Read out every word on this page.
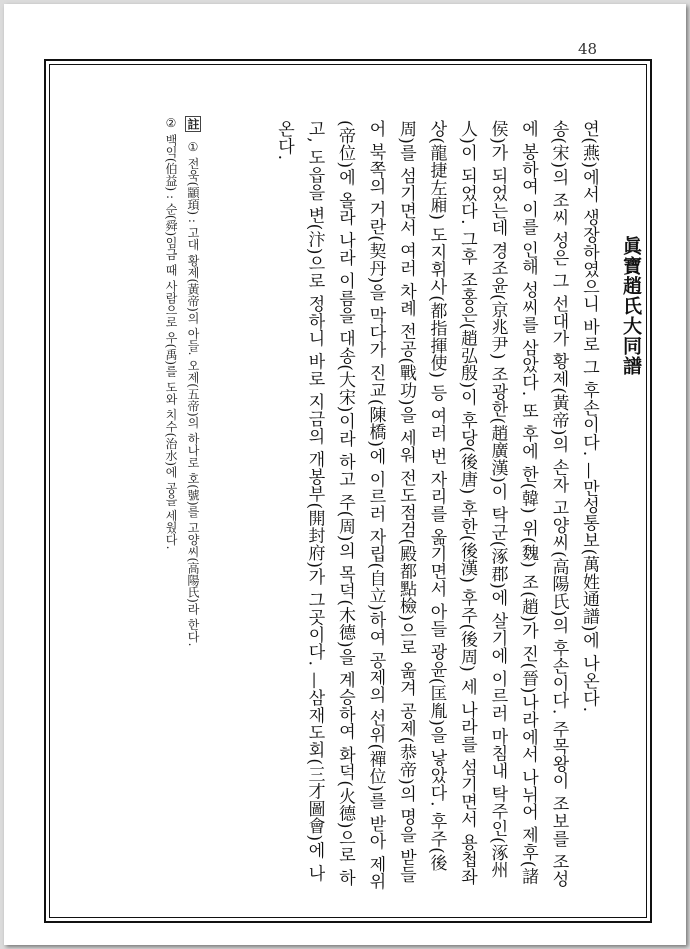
48
眞寶趙氏大同譜

연(燕)에서 생장하였으니 바로 그 후손이다. —만성통보(萬姓通譜)에 나온다.

송(宋)의 조씨 성은 그 선대가 황제(黃帝)의 손자 고양씨(高陽氏)의 후손이다. 주목왕이 조보를 조성에 봉하여 이를 인해 성씨를 삼았다. 또 후에 한(韓) 위(魏) 조(趙)가 진(晉)나라에서 나뉘어 제후(諸侯)가 되었는데 경조윤(京兆尹) 조광한(趙廣漢)이 탁군(涿郡)에 살기에 이르러 마침내 탁주인(涿州人)이 되었다. 그후 조홍은(趙弘殷)이 후당(後唐) 후한(後漢) 후주(後周) 세 나라를 섬기면서 용첩좌상(龍捷左廂) 도지휘사(都指揮使) 등 여러 번 자리를 옮기면서 아들 광윤(匡胤)을 낳았다. 후주(後周)를 섬기면서 여러 차례 전공(戰功)을 세워 전도점검(殿都點檢)으로 옮겨 공제(恭帝)의 명을 받들어 북쪽의 거란(契丹)을 막다가 진교(陳橋)에 이르러 자립(自立)하여 공제의 선위(禪位)를 받아 제위(帝位)에 올라 나라 이름을 대송(大宋)이라 하고 주(周)의 목덕(木德)을 계승하여 화덕(火德)으로 하고, 도읍을 변(汴)으로 정하니 바로 지금의 개봉부(開封府)가 그곳이다. —삼재도회(三才圖會)에 나온다.

註 ① 전욱(顓頊) : 고대 황제(黃帝)의 아들. 오제(五帝)의 하나로 호(號)를 고양씨(高陽氏)라 한다.

② 백익(伯益) : 순(舜)임금 때 사람으로 우(禹)를 도와 치수(治水)에 공을 세웠다.
